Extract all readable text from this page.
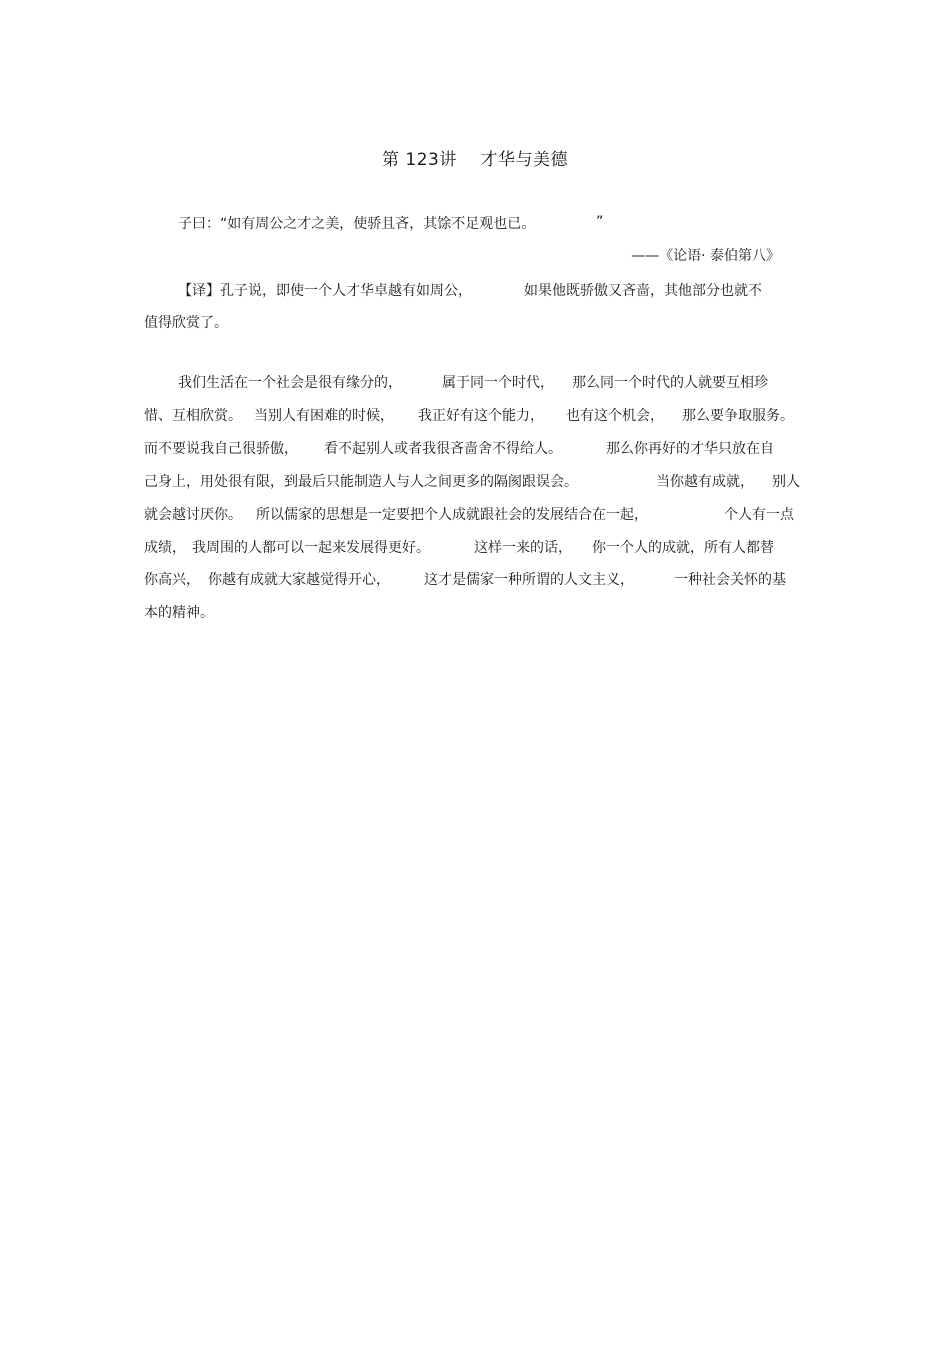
第 123讲    才华与美德
子曰：“如有周公之才之美，使骄且吝，其馀不足观也已。	”
——《论语· 泰伯第八》
【译】孔子说，即使一个人才华卓越有如周公，	如果他既骄傲又吝啬，其他部分也就不
值得欣赏了。
我们生活在一个社会是很有缘分的，	属于同一个时代， 那么同一个时代的人就要互相珍
惜、互相欣赏。 当别人有困难的时候， 我正好有这个能力， 也有这个机会， 那么要争取服务。
而不要说我自己很骄傲， 看不起别人或者我很吝啬舍不得给人。	那么你再好的才华只放在自
己身上，用处很有限，到最后只能制造人与人之间更多的隔阂跟误会。	当你越有成就， 别人
就会越讨厌你。 所以儒家的思想是一定要把个人成就跟社会的发展结合在一起，	个人有一点
成绩， 我周围的人都可以一起来发展得更好。	这样一来的话， 你一个人的成就，所有人都替
你高兴， 你越有成就大家越觉得开心， 这才是儒家一种所谓的人文主义，	一种社会关怀的基
本的精神。
